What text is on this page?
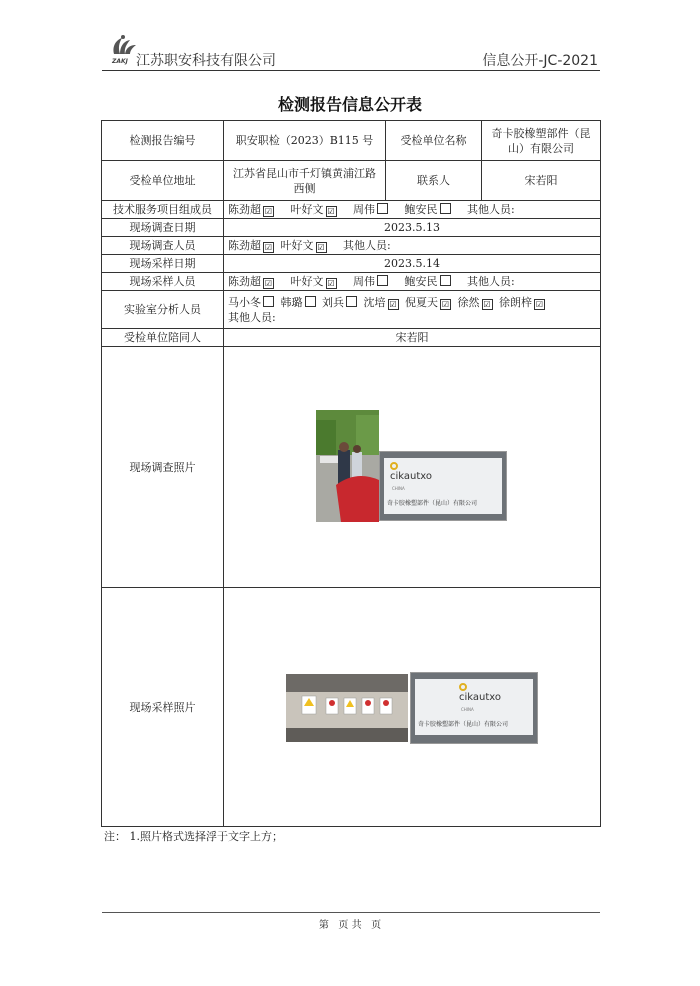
ZAKJ 江苏职安科技有限公司	信息公开-JC-2021
检测报告信息公开表
检测报告编号	职安职检（2023）B115 号	受检单位名称	奇卡胶橡塑部件（昆山）有限公司
受检单位地址	江苏省昆山市千灯镇黄浦江路西侧	联系人	宋若阳
技术服务项目组成员	陈劲超 ☑ 叶好文 ☑ 周伟 鲍安民 其他人员:		
现场调查日期	2023.5.13		
现场调查人员	陈劲超 ☑ 叶好文 ☑ 其他人员:		
现场采样日期	2023.5.14		
现场采样人员	陈劲超 ☑ 叶好文 ☑ 周伟 鲍安民 其他人员:		
实验室分析人员	马小冬 韩璐 刘兵 沈培 ☑ 倪夏天 ☑ 徐然 ☑ 徐朗梓 ☑
其他人员:		
受检单位陪同人	宋若阳		
现场调查照片	cikautxo
CHINA
奇卡胶橡塑部件（昆山）有限公司		

现场采样照片	cikautxo
CHINA
奇卡胶橡塑部件（昆山）有限公司		
注： 1.照片格式选择浮于文字上方；
第   页 共   页
